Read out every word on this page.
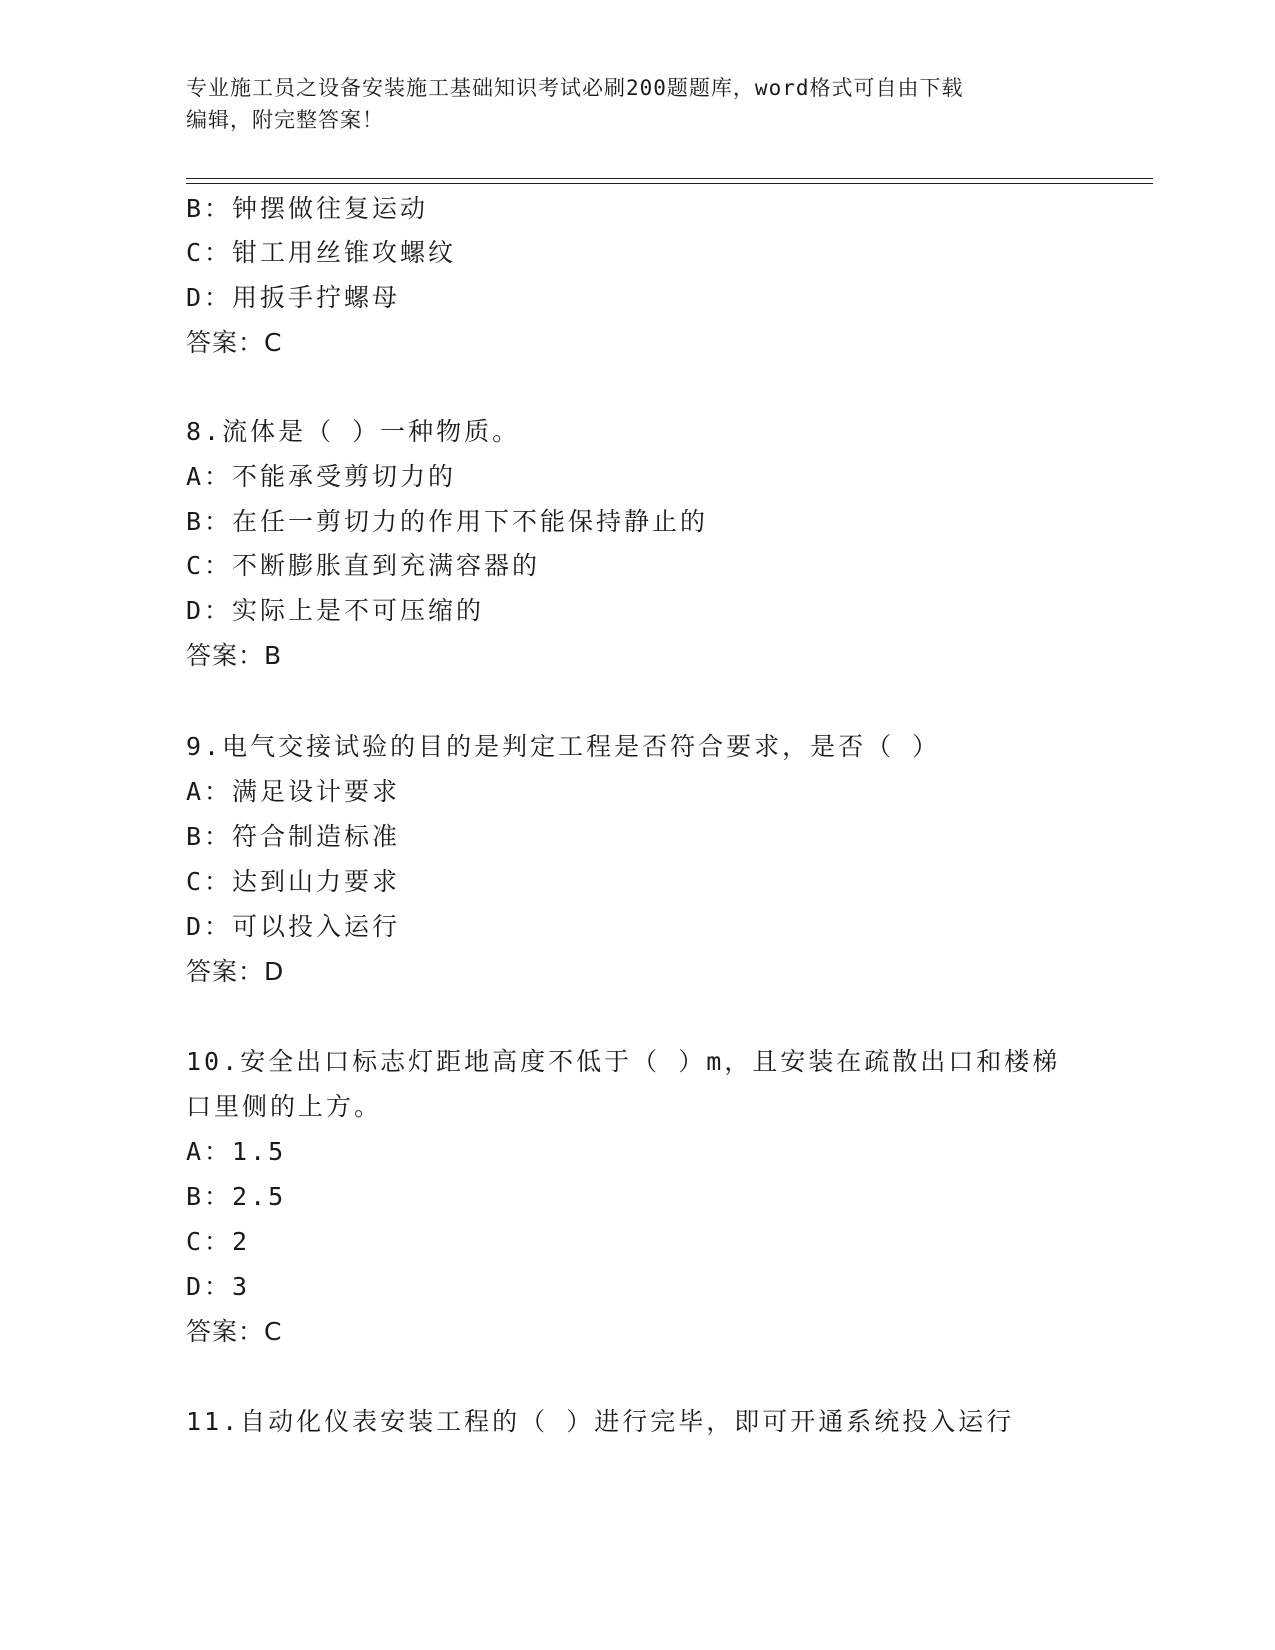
专业施工员之设备安装施工基础知识考试必刷200题题库，word格式可自由下载
编辑，附完整答案！
B：钟摆做往复运动
C：钳工用丝锥攻螺纹
D：用扳手拧螺母
答案：C
8.流体是（ ）一种物质。
A：不能承受剪切力的
B：在任一剪切力的作用下不能保持静止的
C：不断膨胀直到充满容器的
D：实际上是不可压缩的
答案：B
9.电气交接试验的目的是判定工程是否符合要求，是否（ ）
A：满足设计要求
B：符合制造标准
C：达到山力要求
D：可以投入运行
答案：D
10.安全出口标志灯距地高度不低于（ ）m，且安装在疏散出口和楼梯
口里侧的上方。
A：1.5
B：2.5
C：2
D：3
答案：C
11.自动化仪表安装工程的（ ）进行完毕，即可开通系统投入运行
